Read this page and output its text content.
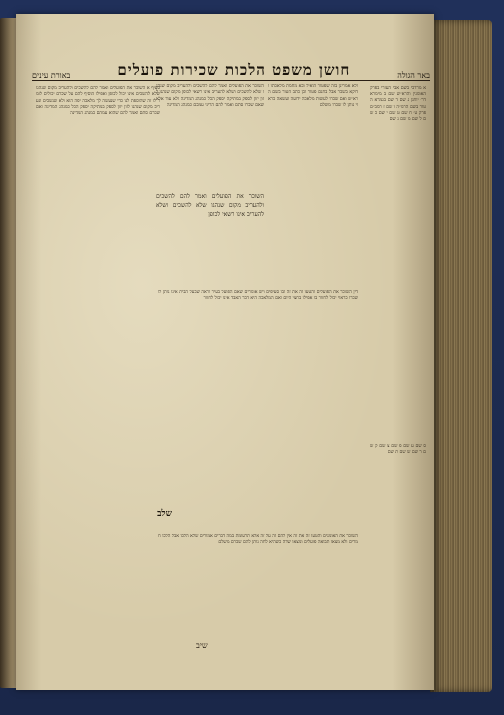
באר הגולה
חושן משפט הלכות שכירות פועלים
באורת עינים

א מרדכי בשם אבי העזרי בפרק האומנין והרא״ש שם ב מימרא דר׳ יוחנן ג שם ד שם בגמרא ה טור בשם הרמ״ה ו שם ז רמב״ם פרק ט׳ ח שם ט שם י שם כ שם ל שם מ שם נ שם

ס שם ע שם פ שם צ שם ק שם ר שם ש שם ת שם

ולא אמרינן בזה שפטור הואיל ובא מחמת מלאכתו ודוקא בשכר אבל בחנם פטור וכן כתב הטור בשם הרא״ש ואם שכרו לעשות מלאכה ידועה ועשאה כראוי נותן לו שכרו משלם

השוכר את הפועלים ואמר להם להשכים ולהעריב מקום שנהגו שלא להשכים ושלא להעריב אינו רשאי לכופן מקום שנהגו לזון יזון לספק במתיקה יספק הכל כמנהג המדינה ולא עוד אלא שאם שכרו סתם ואמר להם הריני עמכם כמנהג המדינה

השוכר את הפועלים ואמר להם להשכים ולהעריב מקום שנהגו שלא להשכים ושלא להעריב אינו רשאי לכופן

סעיף א השוכר את הפועלים ואמר להם להשכים ולהעריב מקום שנהגו שלא להשכים אינו יכול לכופן ואפילו הוסיף להם על שכרם יכולים לומר לו זה שהוספת לנו כדי שנעשה לך מלאכה יפה הוא ולא שנשכים ונעריב מקום שנהגו לזון יזון לספק במתיקה יספק הכל כמנהג המדינה ואם שכרם סתם ואמר להם שהוא עמהם כמנהג המדינה

דין השוכר את הפועלים והטעו זה את זה ובו סעיפים ויש אומרים שאם הפועל בעיר וראה שבעל הבית אינו נותן לו שכרו כראוי יכול לחזור בו אפילו בחצי היום ואם המלאכה היא דבר האבד אינו יכול לחזור

שלב

השוכר את האומנים והטעו זה את זה אין להם זה על זה אלא תרעומת במה דברים אמורים שלא הלכו אבל הלכו חמרים ולא מצאו תבואה פועלים ומצאו שדה כשהיא לחה נותן להם שכרם משלם

שיב
